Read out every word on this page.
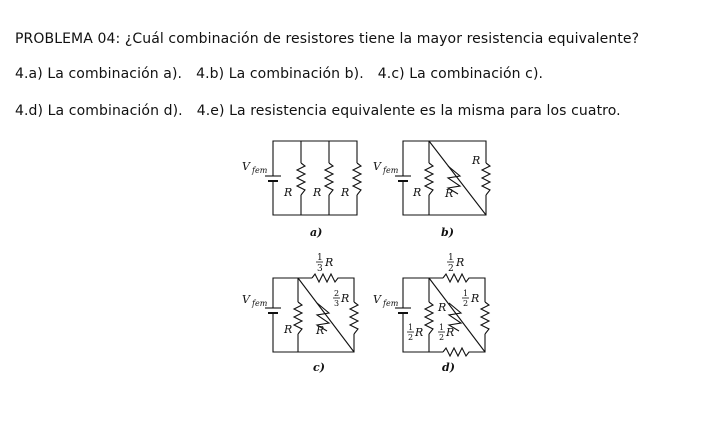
PROBLEMA 04: ¿Cuál combinación de resistores tiene la mayor resistencia equivalente?
4.a) La combinación a). 4.b) La combinación b). 4.c) La combinación c).
4.d) La combinación d). 4.e) La resistencia equivalente es la misma para los cuatro.
V fem
R R R
a)
V fem
R R
R
b)
V fem
1
3 R
2
3 R
R R
c)
V fem
1
2 R
R
1
2 R
1
2 R 1
2 R
d)
